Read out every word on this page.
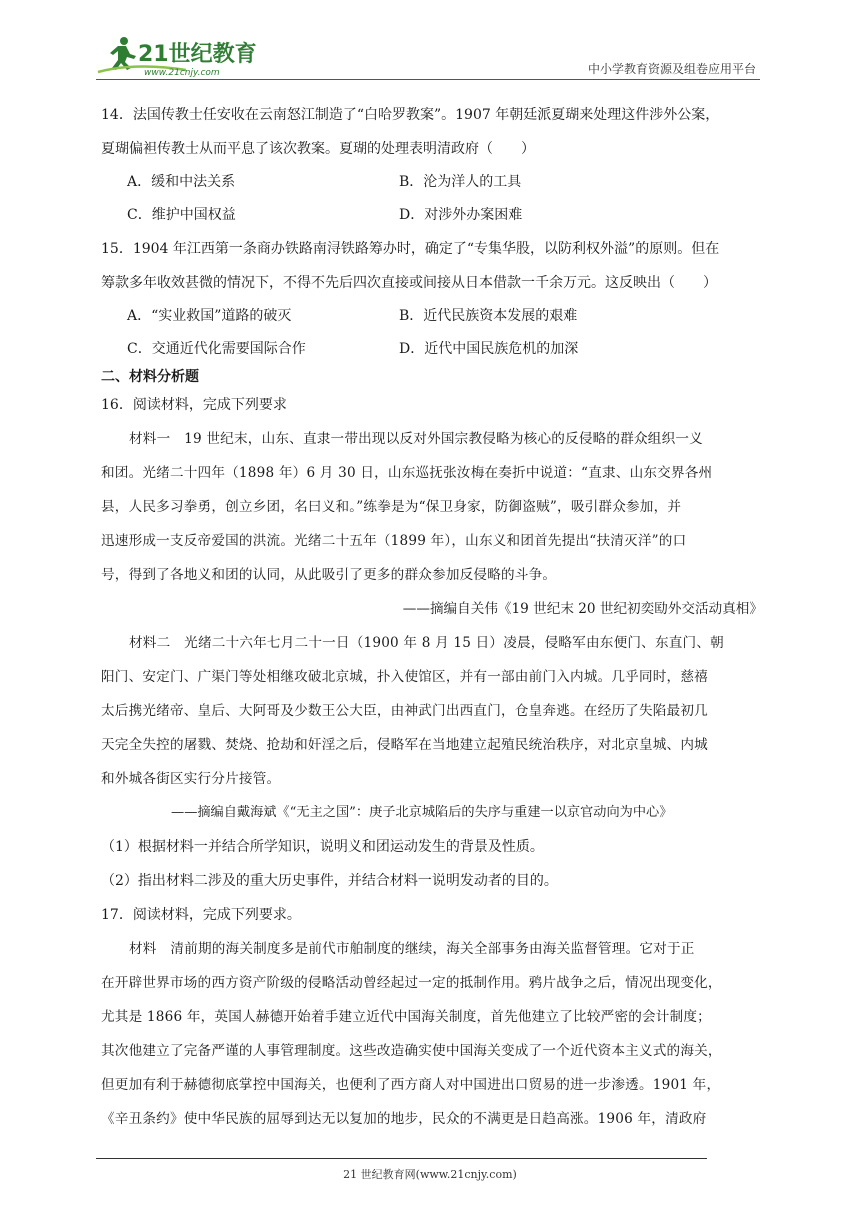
21世纪教育
www.21cnjy.com	中小学教育资源及组卷应用平台

14．法国传教士任安收在云南怒江制造了“白哈罗教案”。1907 年朝廷派夏瑚来处理这件涉外公案，

夏瑚偏袒传教士从而平息了该次教案。夏瑚的处理表明清政府（　　）

A．缓和中法关系	B．沦为洋人的工具
C．维护中国权益	D．对涉外办案困难

15．1904 年江西第一条商办铁路南浔铁路筹办时，确定了“专集华股，以防利权外溢”的原则。但在

筹款多年收效甚微的情况下，不得不先后四次直接或间接从日本借款一千余万元。这反映出（　　）

A．“实业救国”道路的破灭	B．近代民族资本发展的艰难
C．交通近代化需要国际合作	D．近代中国民族危机的加深

二、材料分析题

16．阅读材料，完成下列要求

材料一　19 世纪末，山东、直隶一带出现以反对外国宗教侵略为核心的反侵略的群众组织一义

和团。光绪二十四年（1898 年）6 月 30 日，山东巡抚张汝梅在奏折中说道：“直隶、山东交界各州

县，人民多习拳勇，创立乡团，名曰义和。”练拳是为“保卫身家，防御盗贼”，吸引群众参加，并

迅速形成一支反帝爱国的洪流。光绪二十五年（1899 年），山东义和团首先提出“扶清灭洋”的口

号，得到了各地义和团的认同，从此吸引了更多的群众参加反侵略的斗争。

——摘编自关伟《19 世纪末 20 世纪初奕劻外交活动真相》

材料二　光绪二十六年七月二十一日（1900 年 8 月 15 日）凌晨，侵略军由东便门、东直门、朝

阳门、安定门、广渠门等处相继攻破北京城，扑入使馆区，并有一部由前门入内城。几乎同时，慈禧

太后携光绪帝、皇后、大阿哥及少数王公大臣，由神武门出西直门，仓皇奔逃。在经历了失陷最初几

天完全失控的屠戮、焚烧、抢劫和奸淫之后，侵略军在当地建立起殖民统治秩序，对北京皇城、内城

和外城各街区实行分片接管。

——摘编自戴海斌《“无主之国”：庚子北京城陷后的失序与重建一以京官动向为中心》

（1）根据材料一并结合所学知识，说明义和团运动发生的背景及性质。

（2）指出材料二涉及的重大历史事件，并结合材料一说明发动者的目的。

17．阅读材料，完成下列要求。

材料　清前期的海关制度多是前代市舶制度的继续，海关全部事务由海关监督管理。它对于正

在开辟世界市场的西方资产阶级的侵略活动曾经起过一定的抵制作用。鸦片战争之后，情况出现变化，

尤其是 1866 年，英国人赫德开始着手建立近代中国海关制度，首先他建立了比较严密的会计制度；

其次他建立了完备严谨的人事管理制度。这些改造确实使中国海关变成了一个近代资本主义式的海关，

但更加有利于赫德彻底掌控中国海关，也便利了西方商人对中国进出口贸易的进一步渗透。1901 年，

《辛丑条约》使中华民族的屈辱到达无以复加的地步，民众的不满更是日趋高涨。1906 年，清政府

21 世纪教育网(www.21cnjy.com)
